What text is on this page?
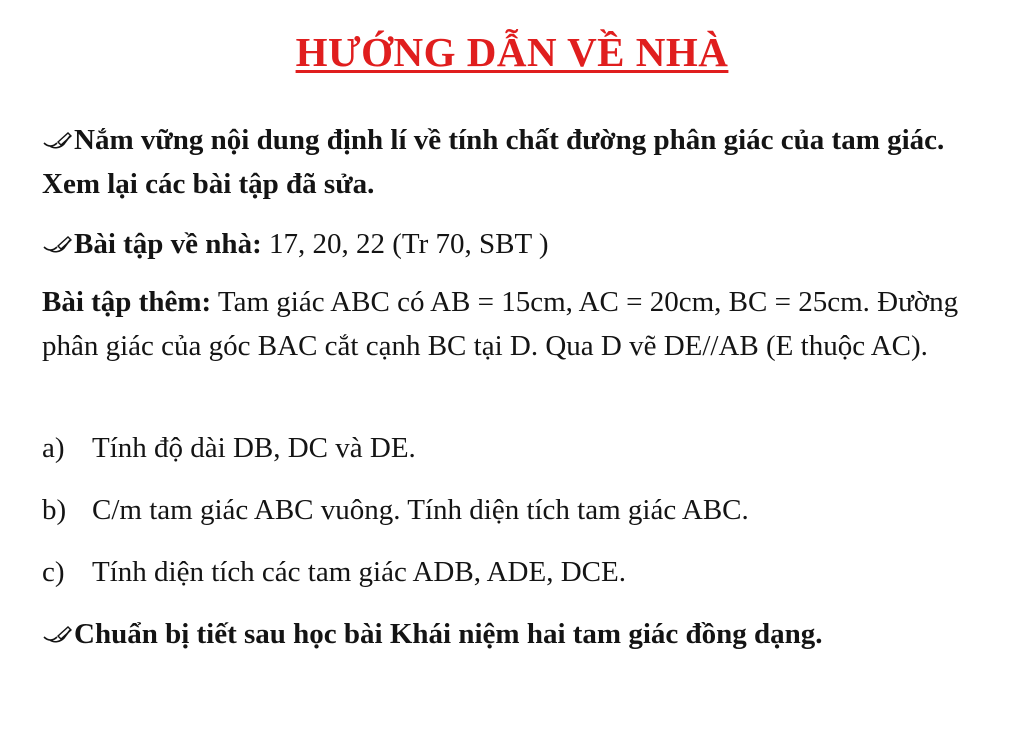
HƯỚNG DẪN VỀ NHÀ
Nắm vững nội dung định lí về tính chất đường phân giác của tam giác. Xem lại các bài tập đã sửa.
Bài tập về nhà: 17, 20, 22 (Tr 70, SBT )
Bài tập thêm: Tam giác ABC có AB = 15cm, AC = 20cm, BC = 25cm. Đường phân giác của góc BAC cắt cạnh BC tại D. Qua D vẽ DE//AB (E thuộc AC).
a) Tính độ dài DB, DC và DE.
b) C/m tam giác ABC vuông. Tính diện tích tam giác ABC.
c) Tính diện tích các tam giác ADB, ADE, DCE.
Chuẩn bị tiết sau học bài Khái niệm hai tam giác đồng dạng.
